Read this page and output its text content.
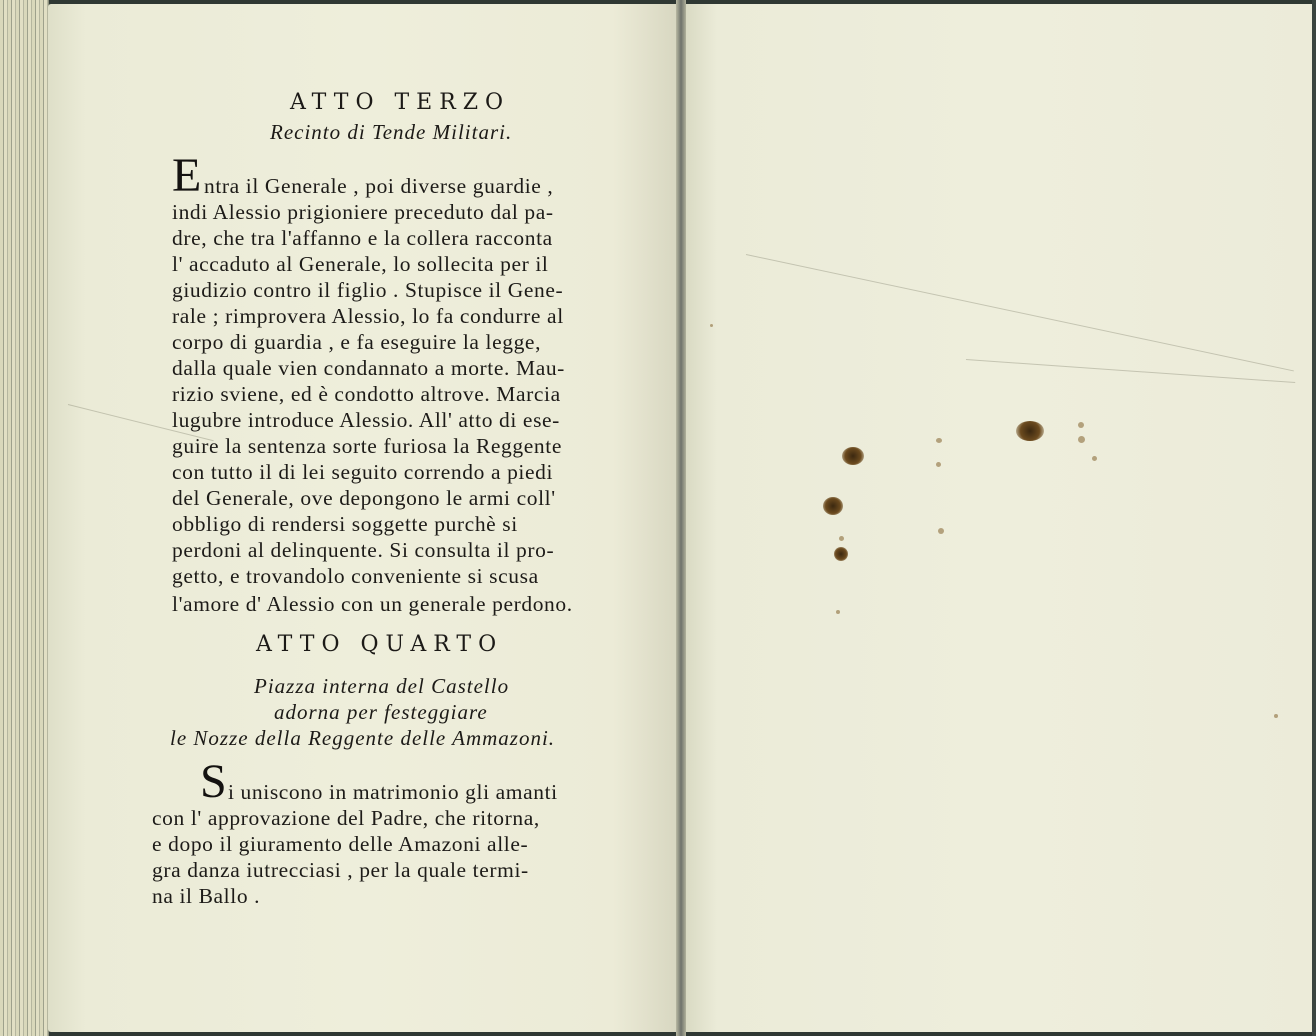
ATTO TERZO
Recinto di Tende Militari.
E ntra il Generale , poi diverse guardie ,
indi Alessio prigioniere preceduto dal pa-
dre, che tra l'affanno e la collera racconta
l' accaduto al Generale, lo sollecita per il
giudizio contro il figlio . Stupisce il Gene-
rale ; rimprovera Alessio, lo fa condurre al
corpo di guardia , e fa eseguire la legge,
dalla quale vien condannato a morte. Mau-
rizio sviene, ed è condotto altrove. Marcia
lugubre introduce Alessio. All' atto di ese-
guire la sentenza sorte furiosa la Reggente
con tutto il di lei seguito correndo a piedi
del Generale, ove depongono le armi coll'
obbligo di rendersi soggette purchè si
perdoni al delinquente. Si consulta il pro-
getto, e trovandolo conveniente si scusa
l'amore d' Alessio con un generale perdono.
ATTO QUARTO
Piazza interna del Castello
adorna per festeggiare
le Nozze della Reggente delle Ammazoni.
S i uniscono in matrimonio gli amanti
con l' approvazione del Padre, che ritorna,
e dopo il giuramento delle Amazoni alle-
gra danza iutrecciasi , per la quale termi-
na il Ballo .
